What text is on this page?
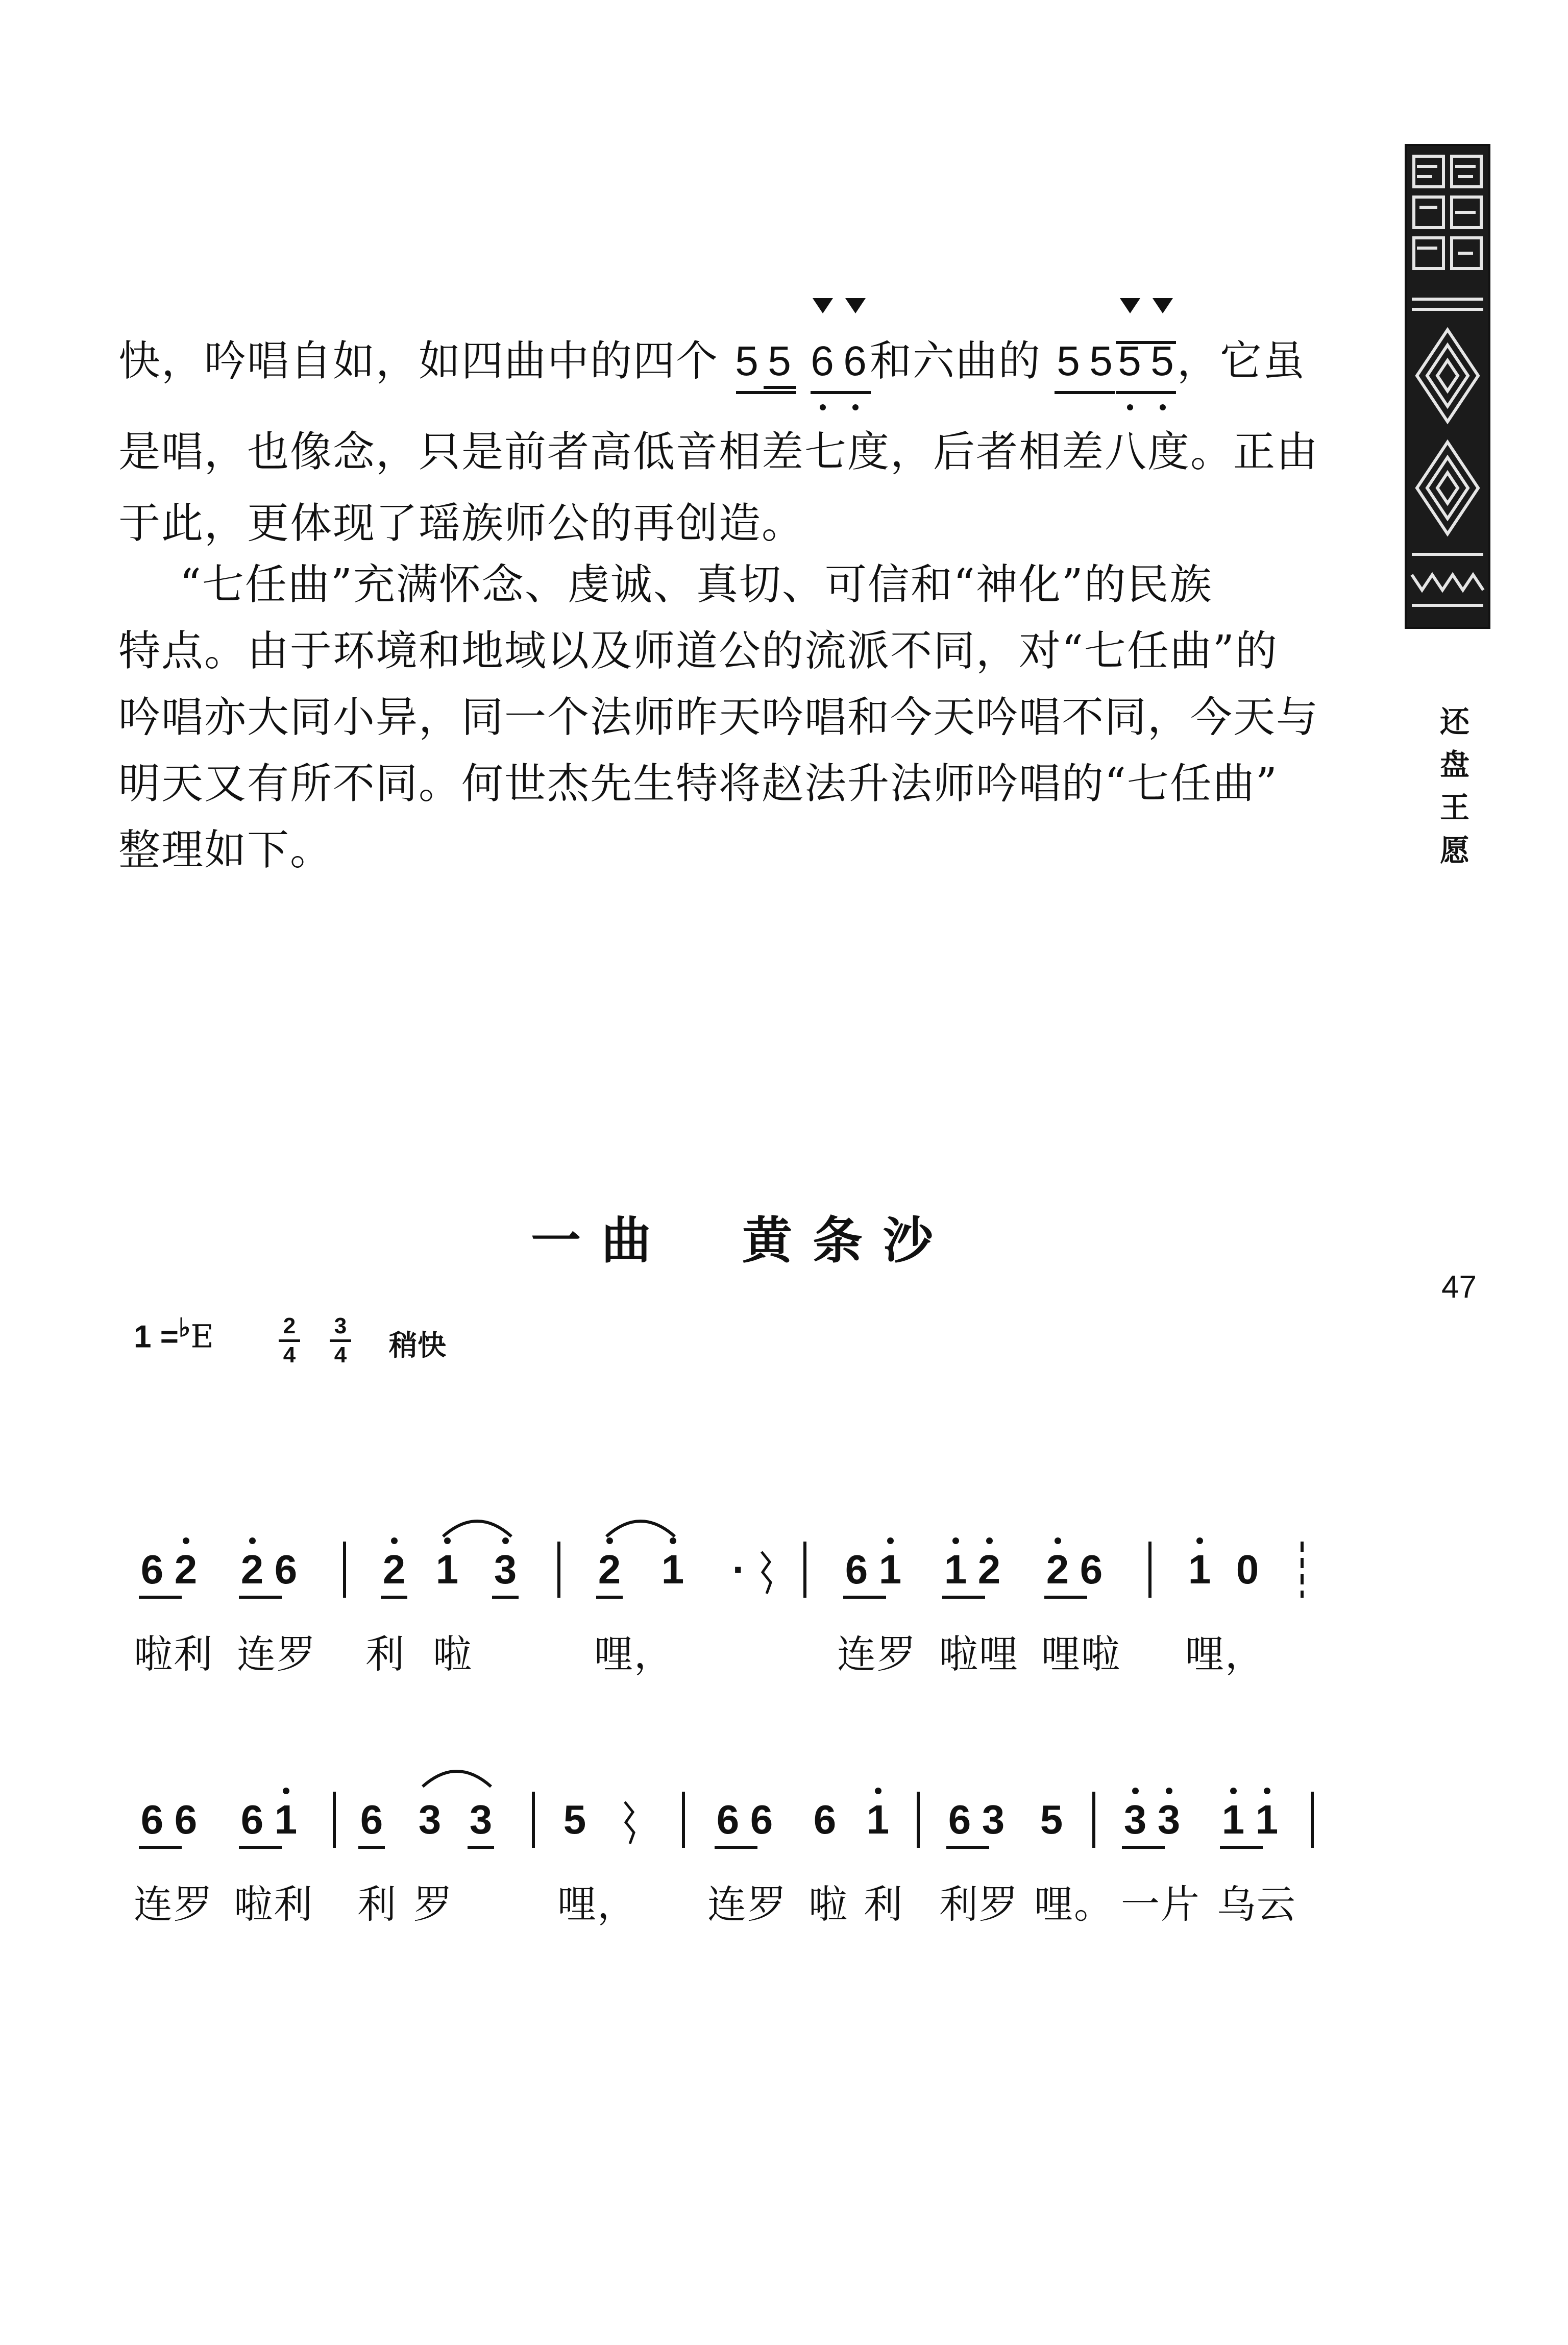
快，吟唱自如，如四曲中的四个 5 5 6 6
和六曲的 5 5 5 5
，它虽
是唱，也像念，只是前者高低音相差七度，后者相差八度。正由
于此，更体现了瑶族师公的再创造。
“七任曲”充满怀念、虔诚、真切、可信和“神化”的民族
特点。由于环境和地域以及师道公的流派不同，对“七任曲”的
吟唱亦大同小异，同一个法师昨天吟唱和今天吟唱不同，今天与
明天又有所不同。何世杰先生特将赵法升法师吟唱的“七任曲”
整理如下。
还
盘
王
愿
47
一曲　黄条沙
1 =♭E	2
4
3
4 稍快
6 2 2 6 2 1 3 2 1 · 6 1 1 2 2 6 1 0
啦利 连罗 利 啦	哩，	连罗 啦哩 哩啦 哩，
6 6 6 1 6 3 3 5	6 6 6 1 6 3 5 3 3 1 1
连罗 啦利 利 罗	哩， 连罗 啦 利 利罗 哩。 一片 乌云
